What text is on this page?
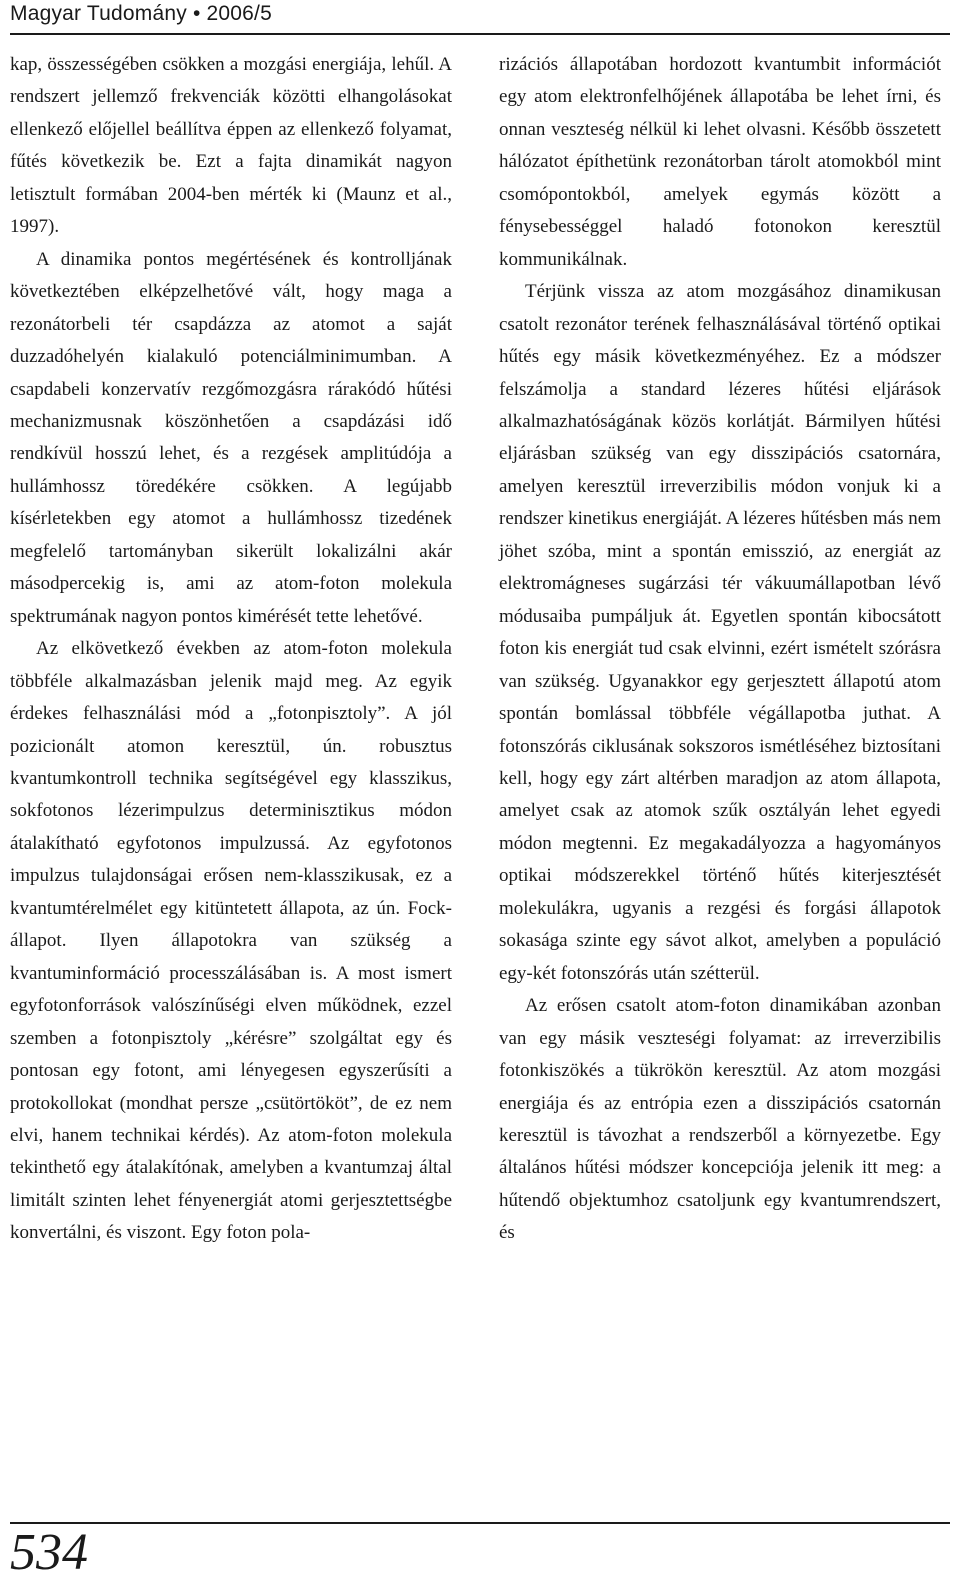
Magyar Tudomány • 2006/5

kap, összességében csökken a mozgási energiája, lehűl. A rendszert jellemző frekvenciák közötti elhangolásokat ellenkező előjellel beállítva éppen az ellenkező folyamat, fűtés következik be. Ezt a fajta dinamikát nagyon letisztult formában 2004-ben mérték ki (Maunz et al., 1997).

A dinamika pontos megértésének és kontrolljának következtében elképzelhetővé vált, hogy maga a rezonátorbeli tér csapdázza az atomot a saját duzzadóhelyén kialakuló potenciálminimumban. A csapdabeli konzervatív rezgőmozgásra rárakódó hűtési mechanizmusnak köszönhetően a csapdázási idő rendkívül hosszú lehet, és a rezgések amplitúdója a hullámhossz töredékére csökken. A legújabb kísérletekben egy atomot a hullámhossz tizedének megfelelő tartományban sikerült lokalizálni akár másodpercekig is, ami az atom-foton molekula spektrumának nagyon pontos kimérését tette lehetővé.

Az elkövetkező években az atom-foton molekula többféle alkalmazásban jelenik majd meg. Az egyik érdekes felhasználási mód a „fotonpisztoly”. A jól pozicionált atomon keresztül, ún. robusztus kvantumkontroll technika segítségével egy klasszikus, sokfotonos lézerimpulzus determinisztikus módon átalakítható egyfotonos impulzussá. Az egyfotonos impulzus tulajdonságai erősen nem-klasszikusak, ez a kvantumtérelmélet egy kitüntetett állapota, az ún. Fock-állapot. Ilyen állapotokra van szükség a kvantuminformáció processzálásában is. A most ismert egyfotonforrások valószínűségi elven működnek, ezzel szemben a fotonpisztoly „kérésre” szolgáltat egy és pontosan egy fotont, ami lényegesen egyszerűsíti a protokollokat (mondhat persze „csütörtököt”, de ez nem elvi, hanem technikai kérdés). Az atom-foton molekula tekinthető egy átalakítónak, amelyben a kvantumzaj által limitált szinten lehet fényenergiát atomi gerjesztettségbe konvertálni, és viszont. Egy foton pola-

rizációs állapotában hordozott kvantumbit információt egy atom elektronfelhőjének állapotába be lehet írni, és onnan veszteség nélkül ki lehet olvasni. Később összetett hálózatot építhetünk rezonátorban tárolt atomokból mint csomópontokból, amelyek egymás között a fénysebességgel haladó fotonokon keresztül kommunikálnak.

Térjünk vissza az atom mozgásához dinamikusan csatolt rezonátor terének felhasználásával történő optikai hűtés egy másik következményéhez. Ez a módszer felszámolja a standard lézeres hűtési eljárások alkalmazhatóságának közös korlátját. Bármilyen hűtési eljárásban szükség van egy disszipációs csatornára, amelyen keresztül irreverzibilis módon vonjuk ki a rendszer kinetikus energiáját. A lézeres hűtésben más nem jöhet szóba, mint a spontán emisszió, az energiát az elektromágneses sugárzási tér vákuumállapotban lévő módusaiba pumpáljuk át. Egyetlen spontán kibocsátott foton kis energiát tud csak elvinni, ezért ismételt szórásra van szükség. Ugyanakkor egy gerjesztett állapotú atom spontán bomlással többféle végállapotba juthat. A fotonszórás ciklusának sokszoros ismétléséhez biztosítani kell, hogy egy zárt altérben maradjon az atom állapota, amelyet csak az atomok szűk osztályán lehet egyedi módon megtenni. Ez megakadályozza a hagyományos optikai módszerekkel történő hűtés kiterjesztését molekulákra, ugyanis a rezgési és forgási állapotok sokasága szinte egy sávot alkot, amelyben a populáció egy-két fotonszórás után szétterül.

Az erősen csatolt atom-foton dinamikában azonban van egy másik veszteségi folyamat: az irreverzibilis fotonkiszökés a tükrökön keresztül. Az atom mozgási energiája és az entrópia ezen a disszipációs csatornán keresztül is távozhat a rendszerből a környezetbe. Egy általános hűtési módszer koncepciója jelenik itt meg: a hűtendő objektumhoz csatoljunk egy kvantumrendszert, és

534
